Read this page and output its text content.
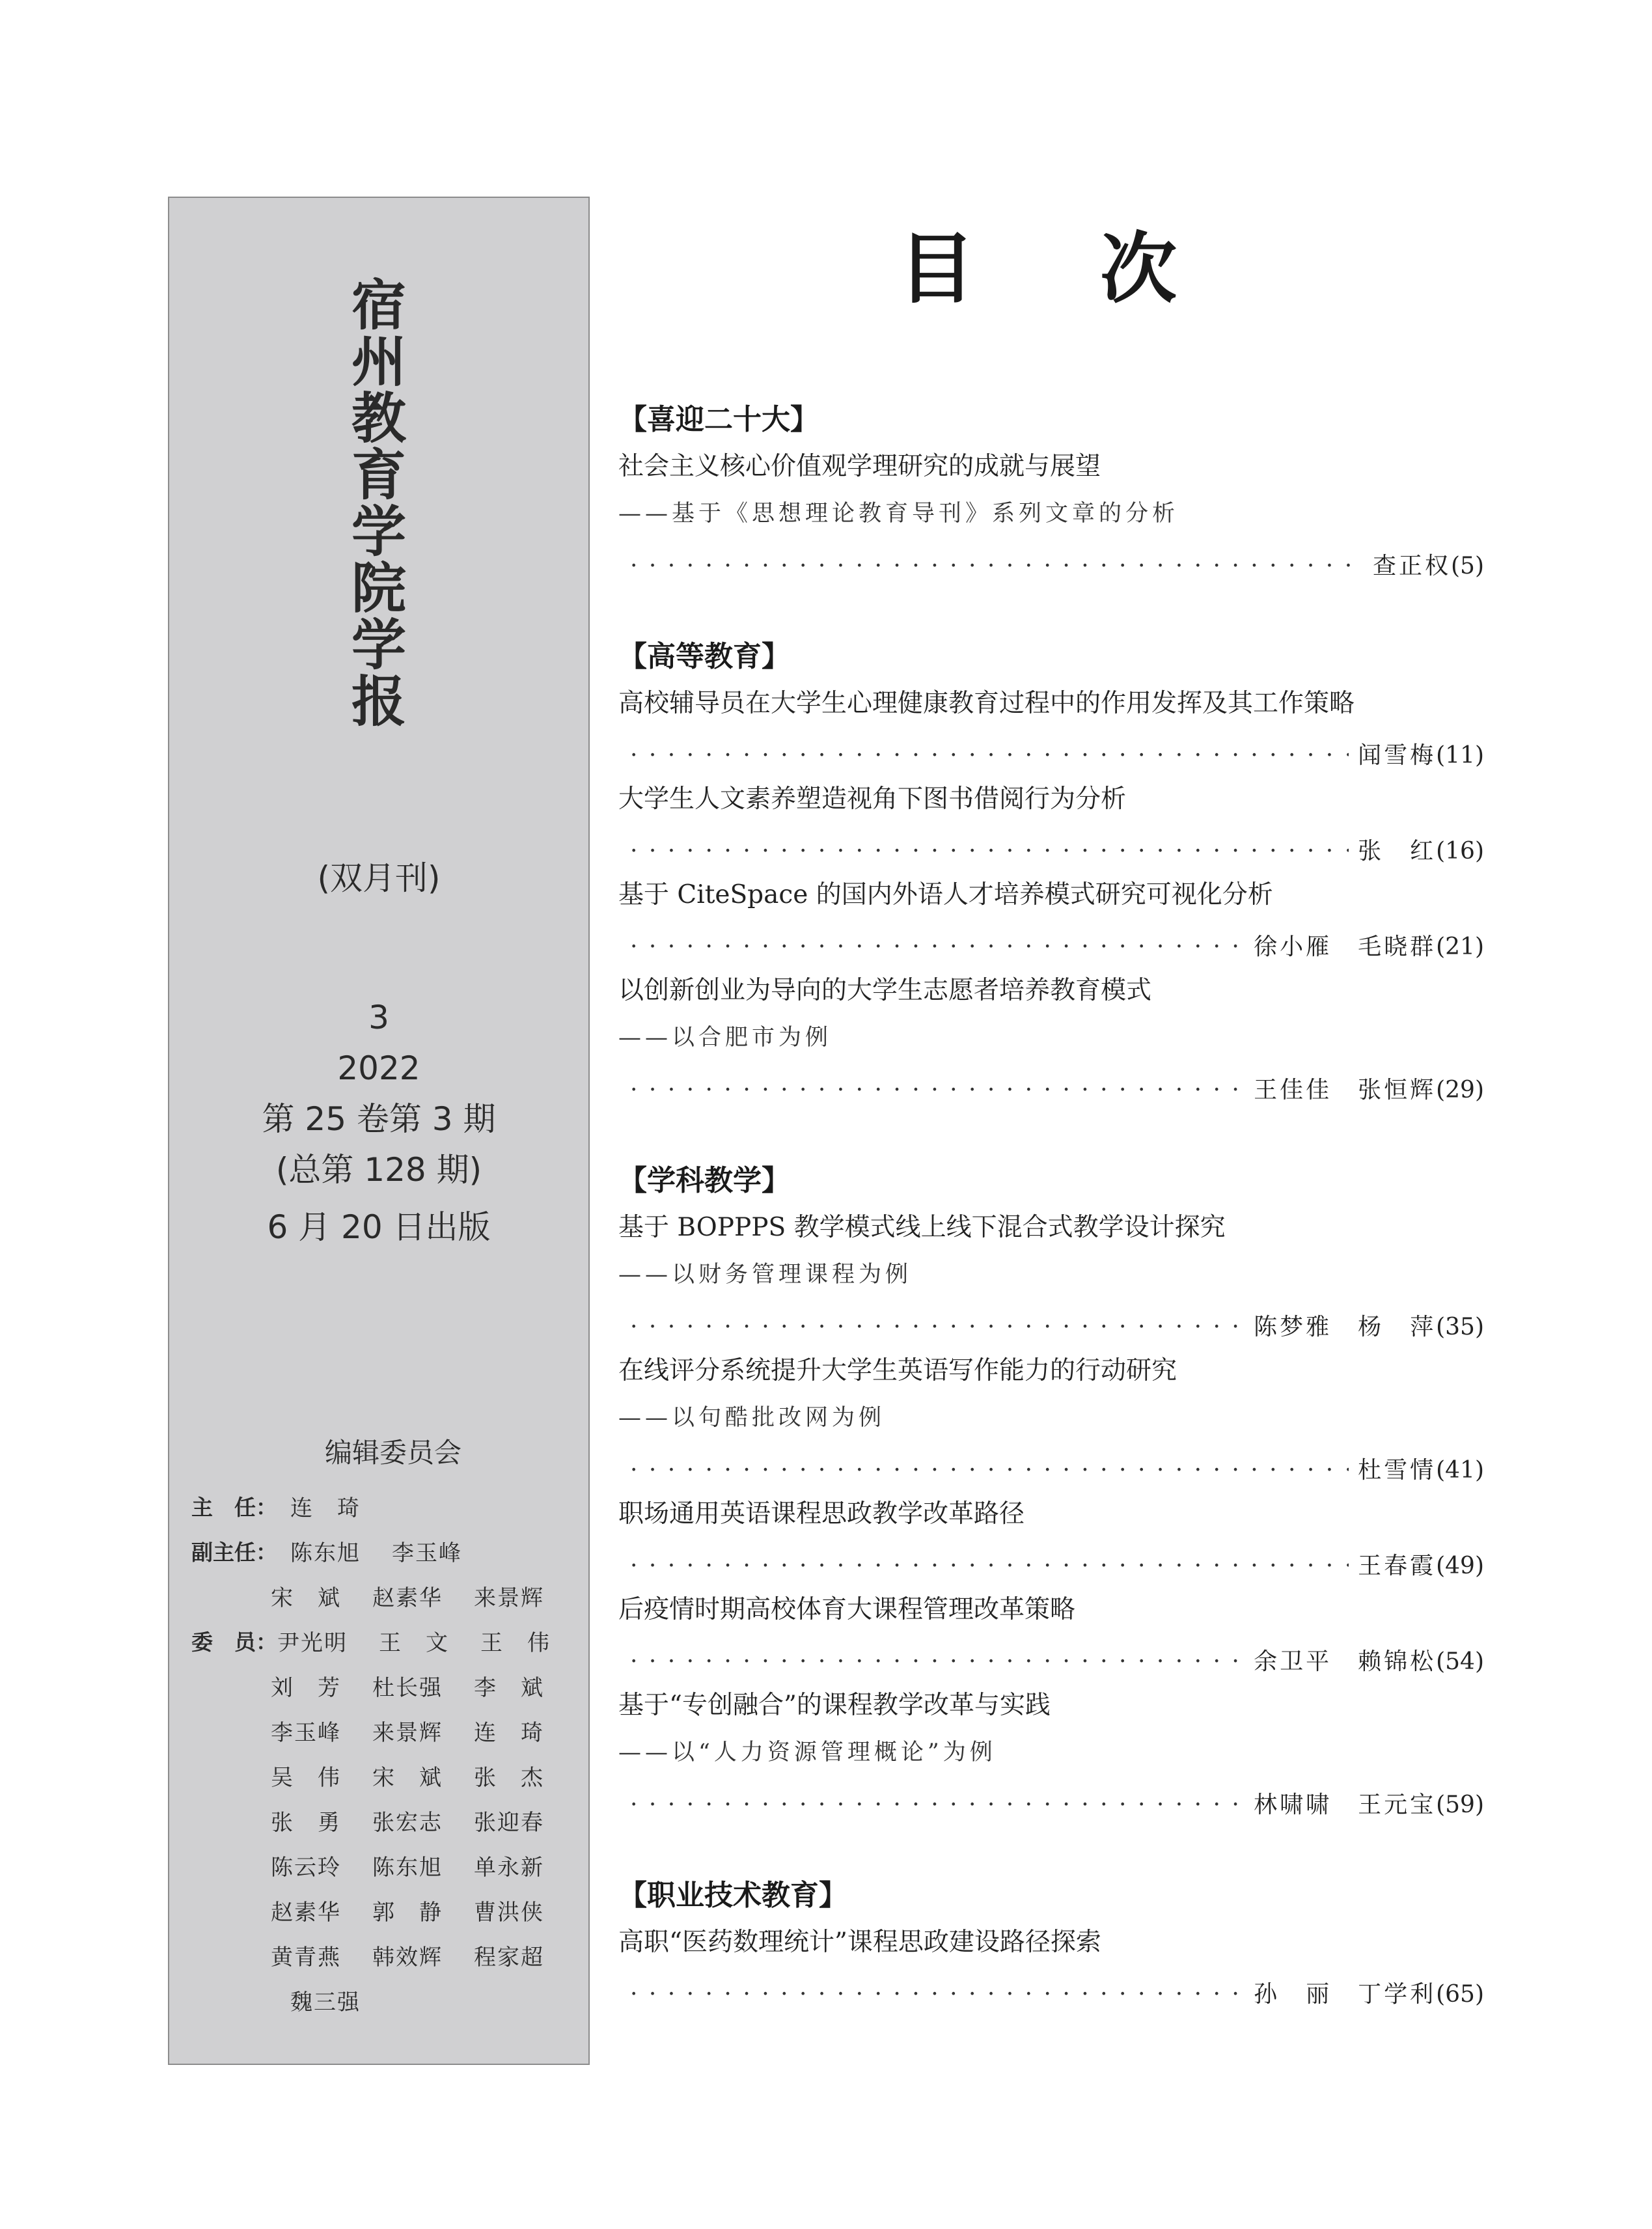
宿
州
教
育
学
院
学
报
(双月刊)
3
2022
第 25 卷第 3 期
(总第 128 期)
6 月 20 日出版
编辑委员会
主　任： 连　琦
副主任： 陈东旭	李玉峰
宋　斌	赵素华	来景辉
委　员： 尹光明	王　文	王　伟
刘　芳	杜长强	李　斌
李玉峰	来景辉	连　琦
吴　伟	宋　斌	张　杰
张　勇	张宏志	张迎春
陈云玲	陈东旭	单永新
赵素华	郭　静	曹洪侠
黄青燕	韩效辉	程家超
魏三强
目 次
【喜迎二十大】
社会主义核心价值观学理研究的成就与展望
——基于《思想理论教育导刊》系列文章的分析
· · ·
查正权 (5)
【高等教育】
高校辅导员在大学生心理健康教育过程中的作用发挥及其工作策略
· · ·
闻雪梅 (11)
大学生人文素养塑造视角下图书借阅行为分析
· · ·
张　红 (16)
基于 CiteSpace 的国内外语人才培养模式研究可视化分析
· · ·
徐小雁　毛晓群 (21)
以创新创业为导向的大学生志愿者培养教育模式
——以合肥市为例
· · ·
王佳佳　张恒辉 (29)
【学科教学】
基于 BOPPPS 教学模式线上线下混合式教学设计探究
——以财务管理课程为例
· · ·
陈梦雅　杨　萍 (35)
在线评分系统提升大学生英语写作能力的行动研究
——以句酷批改网为例
· · ·
杜雪情 (41)
职场通用英语课程思政教学改革路径
· · ·
王春霞 (49)
后疫情时期高校体育大课程管理改革策略
· · ·
余卫平　赖锦松 (54)
基于“专创融合”的课程教学改革与实践
——以“人力资源管理概论”为例
· · ·
林啸啸　王元宝 (59)
【职业技术教育】
高职“医药数理统计”课程思政建设路径探索
· · ·
孙　丽　丁学利 (65)
